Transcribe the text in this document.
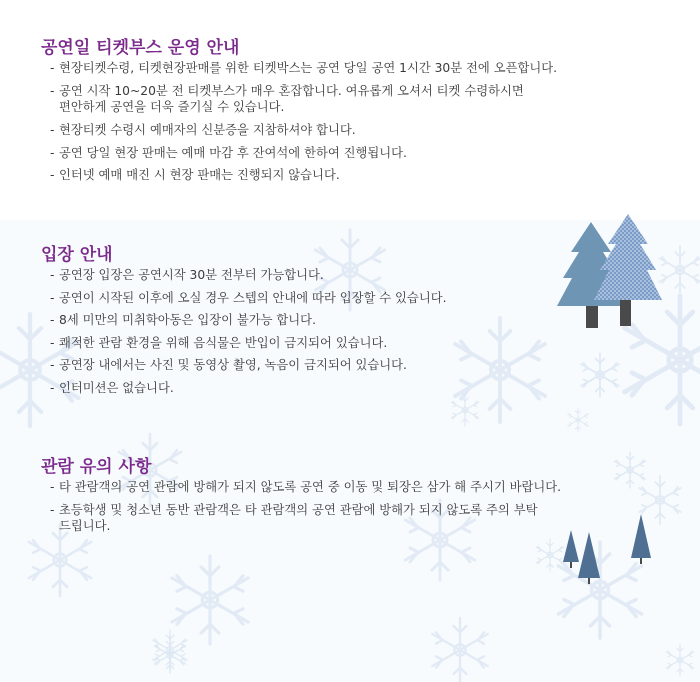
공연일 티켓부스 운영 안내
- 현장티켓수령, 티켓현장판매를 위한 티켓박스는 공연 당일 공연 1시간 30분 전에 오픈합니다.
- 공연 시작 10~20분 전 티켓부스가 매우 혼잡합니다. 여유롭게 오셔서 티켓 수령하시면
편안하게 공연을 더욱 즐기실 수 있습니다.
- 현장티켓 수령시 예매자의 신분증을 지참하셔야 합니다.
- 공연 당일 현장 판매는 예매 마감 후 잔여석에 한하여 진행됩니다.
- 인터넷 예매 매진 시 현장 판매는 진행되지 않습니다.
입장 안내
- 공연장 입장은 공연시작 30분 전부터 가능합니다.
- 공연이 시작된 이후에 오실 경우 스텝의 안내에 따라 입장할 수 있습니다.
- 8세 미만의 미취학아동은 입장이 불가능 합니다.
- 쾌적한 관람 환경을 위해 음식물은 반입이 금지되어 있습니다.
- 공연장 내에서는 사진 및 동영상 촬영, 녹음이 금지되어 있습니다.
- 인터미션은 없습니다.
관람 유의 사항
- 타 관람객의 공연 관람에 방해가 되지 않도록 공연 중 이동 및 퇴장은 삼가 해 주시기 바랍니다.
- 초등학생 및 청소년 동반 관람객은 타 관람객의 공연 관람에 방해가 되지 않도록 주의 부탁
드립니다.
